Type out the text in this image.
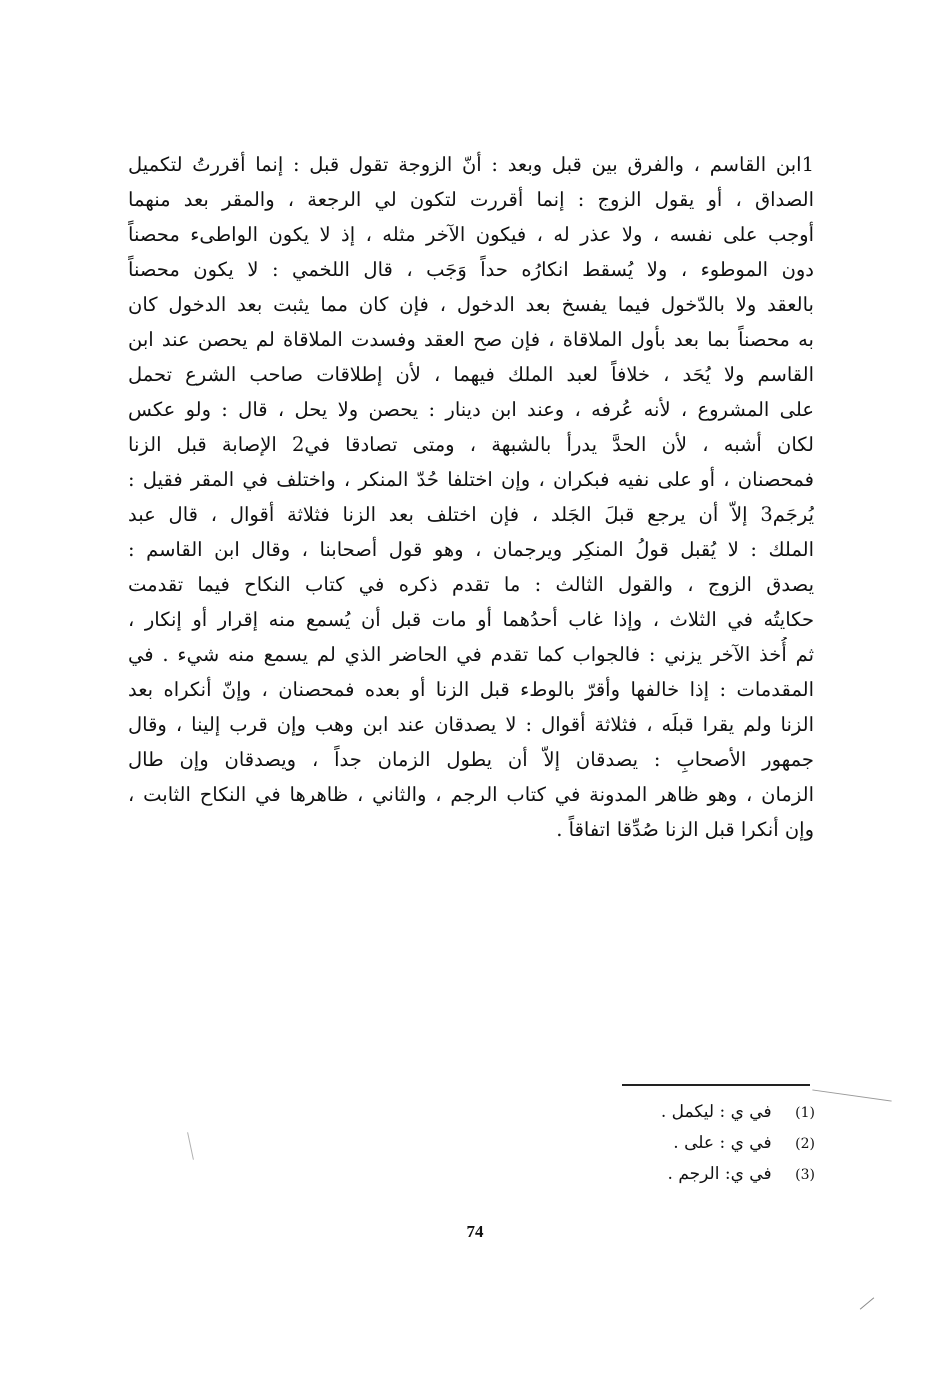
1ابن القاسم ، والفرق بين قبل وبعد : أنّ الزوجة تقول قبل : إنما أقررتُ لتكميل
الصداق ، أو يقول الزوج : إنما أقررت لتكون لي الرجعة ، والمقر بعد منهما
أوجب على نفسه ، ولا عذر له ، فيكون الآخر مثله ، إذ لا يكون الواطىء محصناً
دون الموطوء ، ولا يُسقط انكارُه حداً وَجَب ، قال اللخمي : لا يكون محصناً
بالعقد ولا بالدّخول فيما يفسخ بعد الدخول ، فإن كان مما يثبت بعد الدخول كان
به محصناً بما بعد بأول الملاقاة ، فإن صح العقد وفسدت الملاقاة لم يحصن عند ابن
القاسم ولا يُحَد ، خلافاً لعبد الملك فيهما ، لأن إطلاقات صاحب الشرع تحمل
على المشروع ، لأنه عُرفه ، وعند ابن دينار : يحصن ولا يحل ، قال : ولو عكس
لكان أشبه ، لأن الحدَّ يدرأ بالشبهة ، ومتى تصادقا في2 الإصابة قبل الزنا
فمحصنان ، أو على نفيه فبكران ، وإن اختلفا حُدّ المنكر ، واختلف في المقر فقيل :
يُرجَم3 إلاّ أن يرجع قبلَ الجَلد ، فإن اختلف بعد الزنا فثلاثة أقوال ، قال عبد
الملك : لا يُقبل قولُ المنكِر ويرجمان ، وهو قول أصحابنا ، وقال ابن القاسم :
يصدق الزوج ، والقول الثالث : ما تقدم ذكره في كتاب النكاح فيما تقدمت
حكايتُه في الثلاث ، وإذا غاب أحدُهما أو مات قبل أن يُسمع منه إقرار أو إنكار ،
ثم أُخذ الآخر يزني : فالجواب كما تقدم في الحاضر الذي لم يسمع منه شيء . في
المقدمات : إذا خالفها وأقرّ بالوطء قبل الزنا أو بعده فمحصنان ، وإنّ أنكراه بعد
الزنا ولم يقرا قبلَه ، فثلاثة أقوال : لا يصدقان عند ابن وهب وإن قرب إلينا ، وقال
جمهور الأصحابِ : يصدقان إلاّ أن يطول الزمان جداً ، ويصدقان وإن طال
الزمان ، وهو ظاهر المدونة في كتاب الرجم ، والثاني ، ظاهرها في النكاح الثابت ،
وإن أنكرا قبل الزنا صُدِّقا اتفاقاً .
(1) في ي : ليكمل .
(2) في ي : على .
(3) في ي: الرجم .
74
